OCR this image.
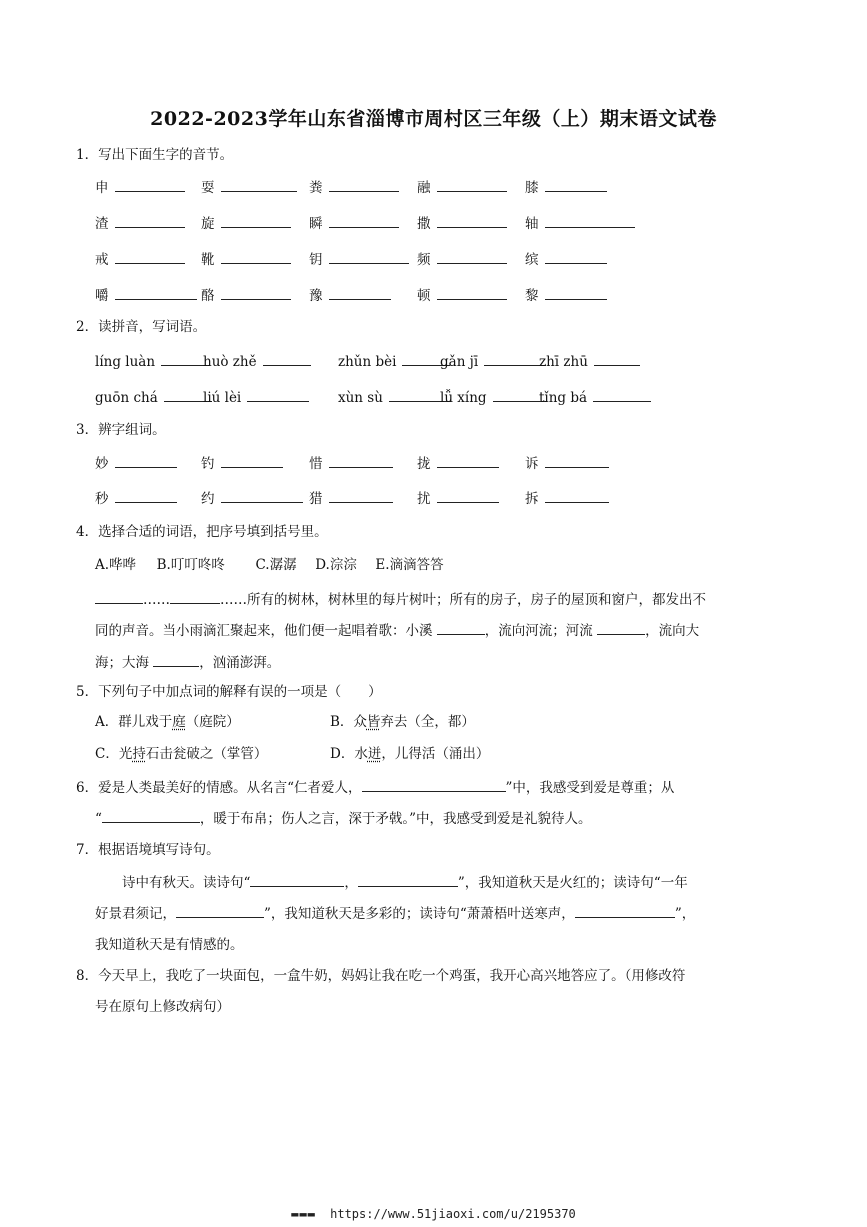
2022-2023学年山东省淄博市周村区三年级（上）期末语文试卷
1．写出下面生字的音节。
申	耍	粪	融	膝
渣	旋	瞬	撒	轴
戒	靴	钥	频	缤
嚼	酪	豫	顿	黎
2．读拼音，写词语。
líng luàn	huò zhě	zhǔn bèi	gǎn jī	zhī zhū
guōn chá	liú lèi	xùn sù	lǚ xíng	tǐng bá
3．辨字组词。
妙	钓	惜	拢	诉
秒	约	猎	扰	拆
4．选择合适的词语，把序号填到括号里。
A.哗哗 B.叮叮咚咚 C.潺潺 D.淙淙 E.滴滴答答
……	……所有的树林，树林里的每片树叶；所有的房子，房子的屋顶和窗户，都发出不
同的声音。当小雨滴汇聚起来，他们便一起唱着歌：小溪	，流向河流；河流	，流向大
海；大海	，汹涌澎湃。
5．下列句子中加点词的解释有误的一项是（　　）
A．群儿戏于庭（庭院）	B．众皆弃去（全，都）
C．光持石击瓮破之（掌管）	D．水迸，儿得活（涌出）
6．爱是人类最美好的情感。从名言“仁者爱人，	”中，我感受到爱是尊重；从
“	，暖于布帛；伤人之言，深于矛戟。”中，我感受到爱是礼貌待人。
7．根据语境填写诗句。
诗中有秋天。读诗句“	，	”，我知道秋天是火红的；读诗句“一年
好景君须记，	”，我知道秋天是多彩的；读诗句“萧萧梧叶送寒声，	”，
我知道秋天是有情感的。
8．今天早上，我吃了一块面包，一盒牛奶，妈妈让我在吃一个鸡蛋，我开心高兴地答应了。（用修改符
号在原句上修改病句）
▬▬▬ https://www.51jiaoxi.com/u/2195370
